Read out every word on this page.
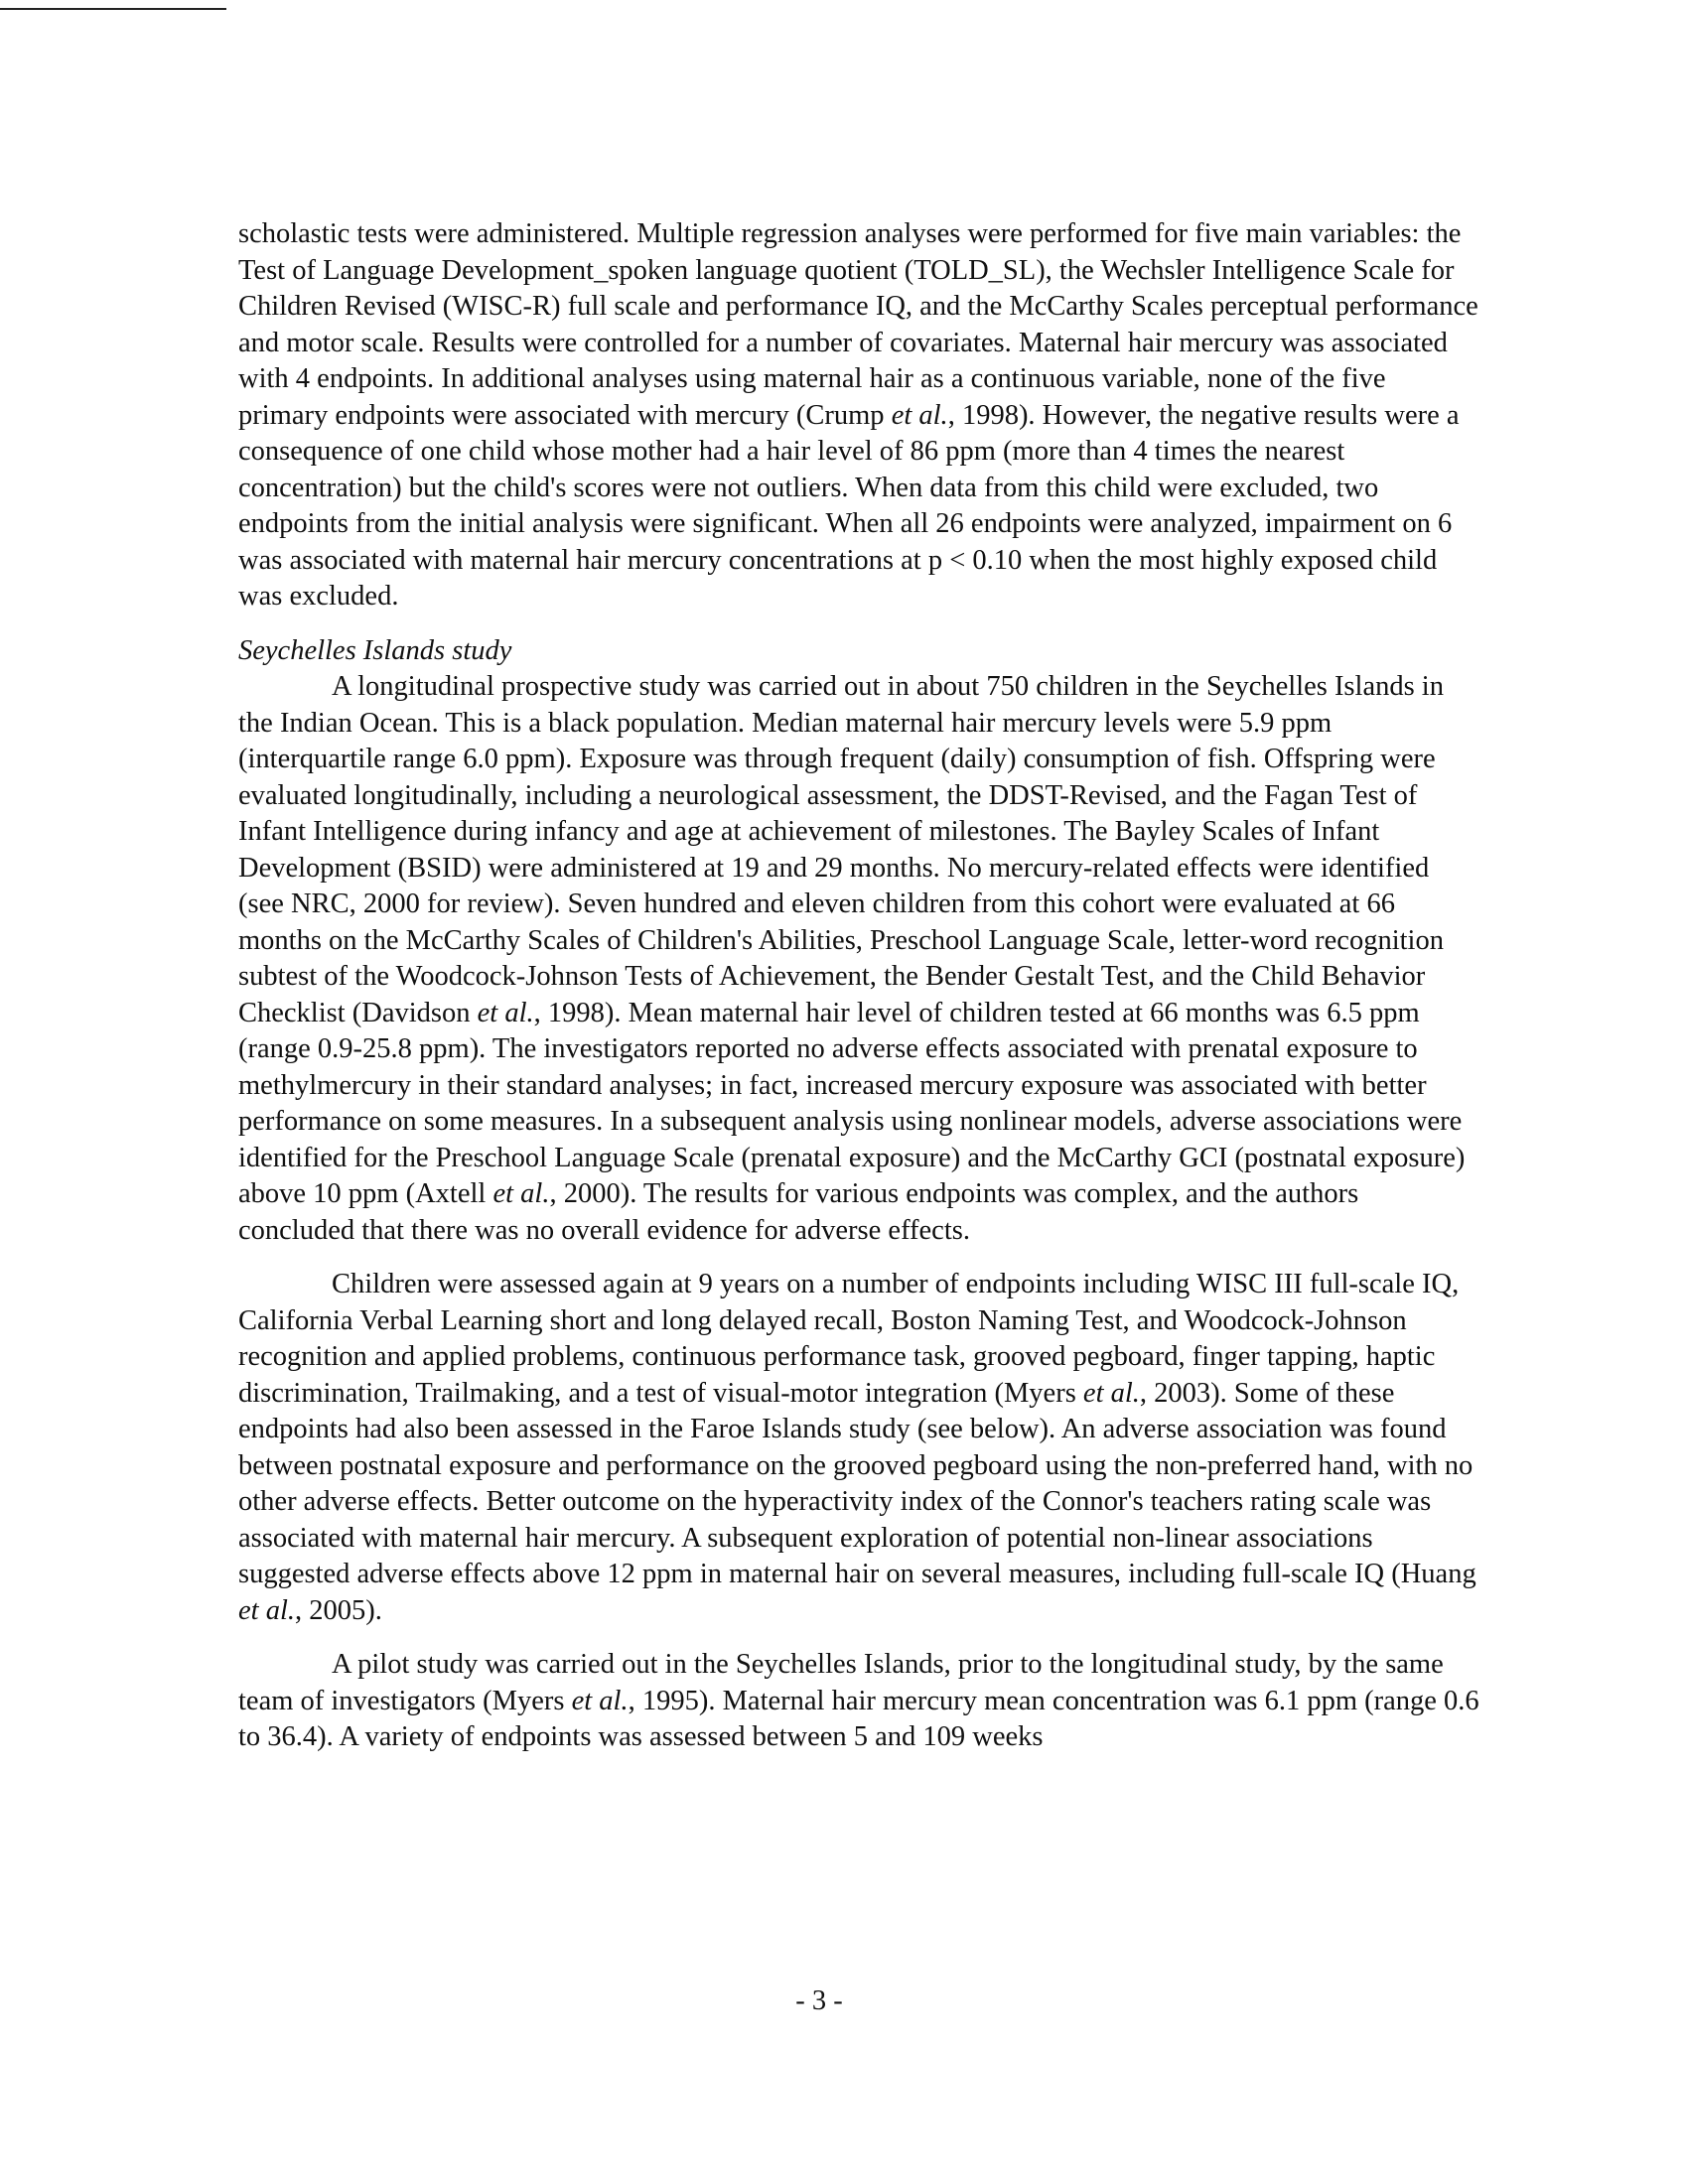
scholastic tests were administered. Multiple regression analyses were performed for five main variables: the Test of Language Development_spoken language quotient (TOLD_SL), the Wechsler Intelligence Scale for Children Revised (WISC-R) full scale and performance IQ, and the McCarthy Scales perceptual performance and motor scale. Results were controlled for a number of covariates. Maternal hair mercury was associated with 4 endpoints. In additional analyses using maternal hair as a continuous variable, none of the five primary endpoints were associated with mercury (Crump et al., 1998). However, the negative results were a consequence of one child whose mother had a hair level of 86 ppm (more than 4 times the nearest concentration) but the child's scores were not outliers. When data from this child were excluded, two endpoints from the initial analysis were significant. When all 26 endpoints were analyzed, impairment on 6 was associated with maternal hair mercury concentrations at p < 0.10 when the most highly exposed child was excluded.

Seychelles Islands study

A longitudinal prospective study was carried out in about 750 children in the Seychelles Islands in the Indian Ocean. This is a black population. Median maternal hair mercury levels were 5.9 ppm (interquartile range 6.0 ppm). Exposure was through frequent (daily) consumption of fish. Offspring were evaluated longitudinally, including a neurological assessment, the DDST-Revised, and the Fagan Test of Infant Intelligence during infancy and age at achievement of milestones. The Bayley Scales of Infant Development (BSID) were administered at 19 and 29 months. No mercury-related effects were identified (see NRC, 2000 for review). Seven hundred and eleven children from this cohort were evaluated at 66 months on the McCarthy Scales of Children's Abilities, Preschool Language Scale, letter-word recognition subtest of the Woodcock-Johnson Tests of Achievement, the Bender Gestalt Test, and the Child Behavior Checklist (Davidson et al., 1998). Mean maternal hair level of children tested at 66 months was 6.5 ppm (range 0.9-25.8 ppm). The investigators reported no adverse effects associated with prenatal exposure to methylmercury in their standard analyses; in fact, increased mercury exposure was associated with better performance on some measures. In a subsequent analysis using nonlinear models, adverse associations were identified for the Preschool Language Scale (prenatal exposure) and the McCarthy GCI (postnatal exposure) above 10 ppm (Axtell et al., 2000). The results for various endpoints was complex, and the authors concluded that there was no overall evidence for adverse effects.

Children were assessed again at 9 years on a number of endpoints including WISC III full-scale IQ, California Verbal Learning short and long delayed recall, Boston Naming Test, and Woodcock-Johnson recognition and applied problems, continuous performance task, grooved pegboard, finger tapping, haptic discrimination, Trailmaking, and a test of visual-motor integration (Myers et al., 2003). Some of these endpoints had also been assessed in the Faroe Islands study (see below). An adverse association was found between postnatal exposure and performance on the grooved pegboard using the non-preferred hand, with no other adverse effects. Better outcome on the hyperactivity index of the Connor's teachers rating scale was associated with maternal hair mercury. A subsequent exploration of potential non-linear associations suggested adverse effects above 12 ppm in maternal hair on several measures, including full-scale IQ (Huang et al., 2005).

A pilot study was carried out in the Seychelles Islands, prior to the longitudinal study, by the same team of investigators (Myers et al., 1995). Maternal hair mercury mean concentration was 6.1 ppm (range 0.6 to 36.4). A variety of endpoints was assessed between 5 and 109 weeks

- 3 -
